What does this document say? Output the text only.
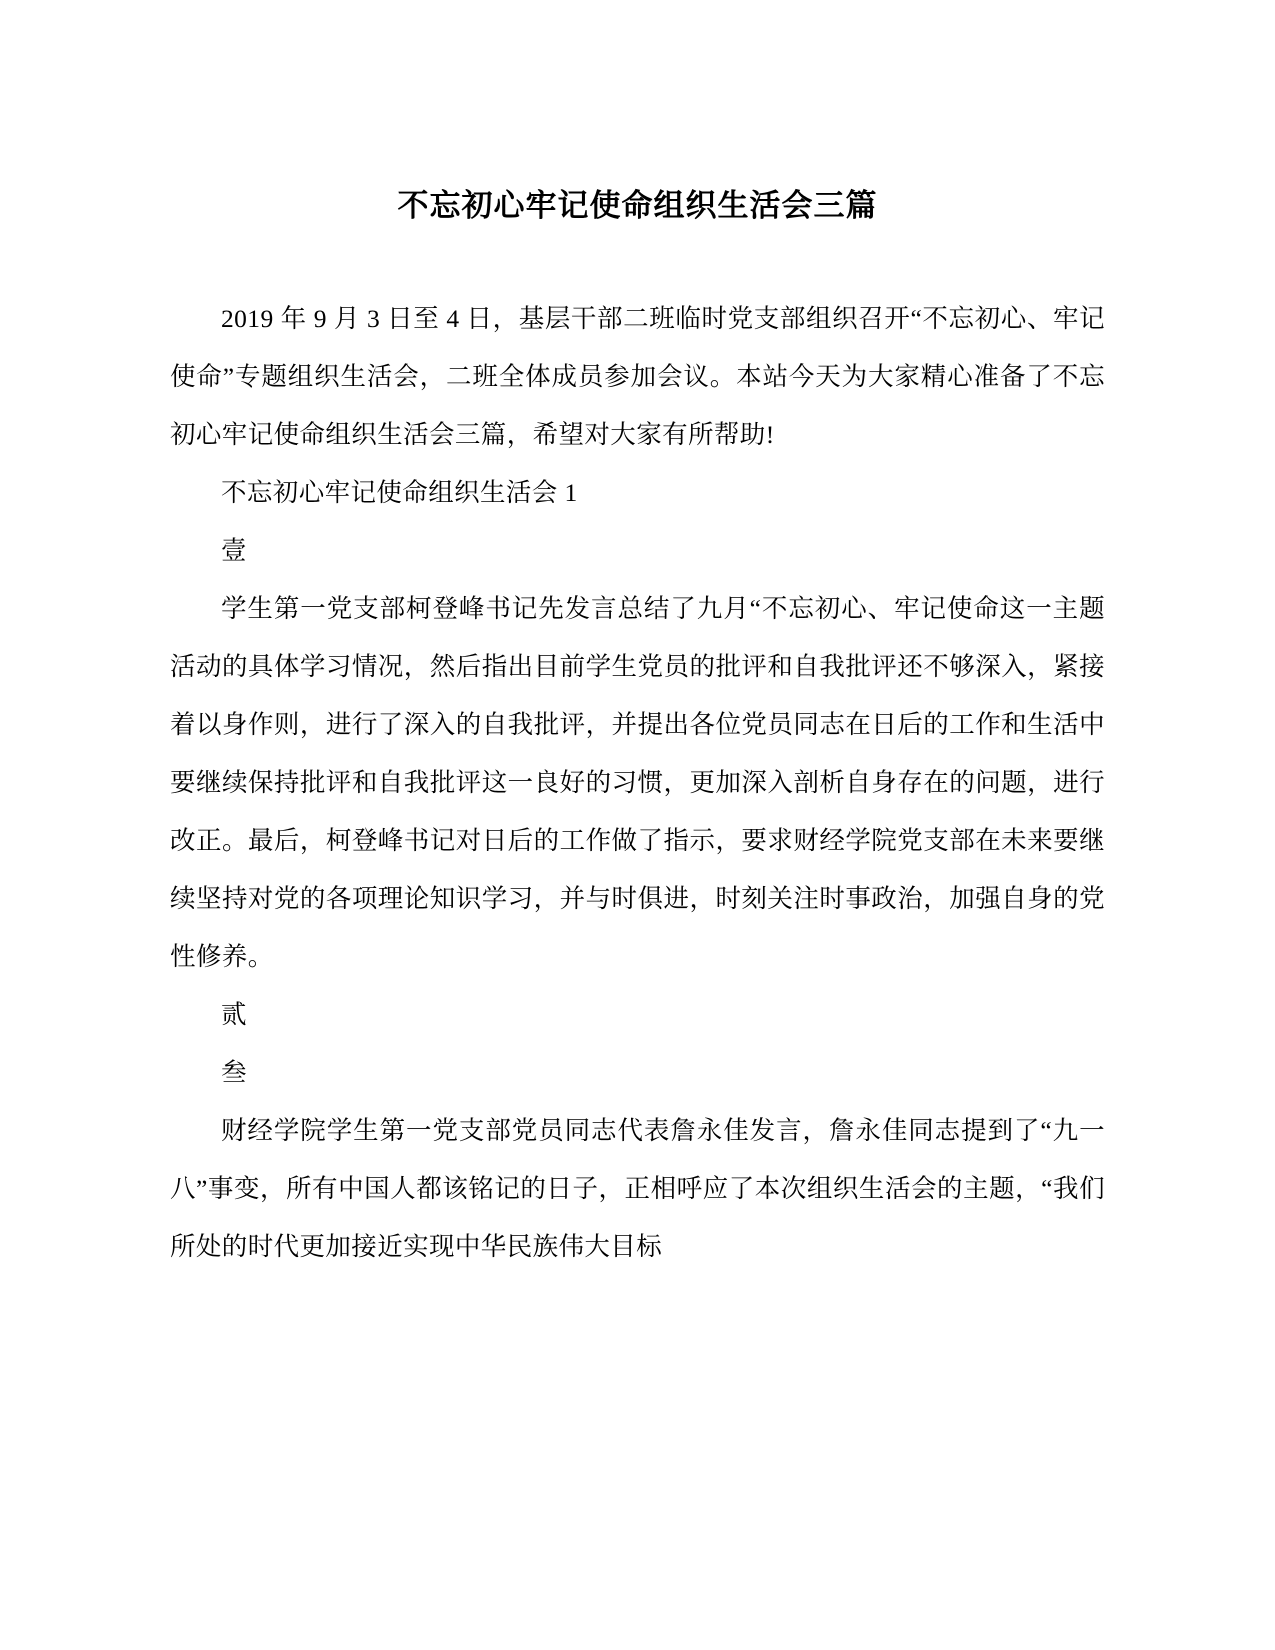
不忘初心牢记使命组织生活会三篇

2019 年 9 月 3 日至 4 日，基层干部二班临时党支部组织召开“不忘初心、牢记使命”专题组织生活会，二班全体成员参加会议。本站今天为大家精心准备了不忘初心牢记使命组织生活会三篇，希望对大家有所帮助!

不忘初心牢记使命组织生活会 1

壹

学生第一党支部柯登峰书记先发言总结了九月“不忘初心、牢记使命这一主题活动的具体学习情况，然后指出目前学生党员的批评和自我批评还不够深入，紧接着以身作则，进行了深入的自我批评，并提出各位党员同志在日后的工作和生活中要继续保持批评和自我批评这一良好的习惯，更加深入剖析自身存在的问题，进行改正。最后，柯登峰书记对日后的工作做了指示，要求财经学院党支部在未来要继续坚持对党的各项理论知识学习，并与时俱进，时刻关注时事政治，加强自身的党性修养。

贰

叁

财经学院学生第一党支部党员同志代表詹永佳发言，詹永佳同志提到了“九一八”事变，所有中国人都该铭记的日子，正相呼应了本次组织生活会的主题，“我们所处的时代更加接近实现中华民族伟大目标
